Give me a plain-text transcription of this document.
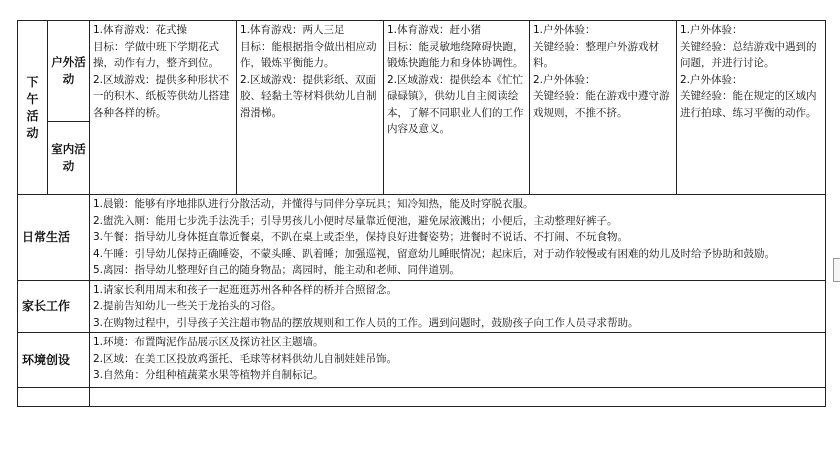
下
午
活
动	户外活动	1.体育游戏：花式操
目标：学做中班下学期花式操，动作有力，整齐到位。
2.区域游戏：提供多种形状不一的积木、纸板等供幼儿搭建各种各样的桥。	1.体育游戏：两人三足
目标：能根据指令做出相应动作，锻炼平衡能力。
2.区域游戏：提供彩纸、双面胶、轻黏土等材料供幼儿自制滑滑梯。	1.体育游戏：赶小猪
目标：能灵敏地绕障碍快跑，锻炼快跑能力和身体协调性。
2.区域游戏：提供绘本《忙忙碌碌镇》，供幼儿自主阅读绘本，了解不同职业人们的工作内容及意义。	1.户外体验：
关键经验：整理户外游戏材料。
2.户外体验：
关键经验：能在游戏中遵守游戏规则，不推不挤。	1.户外体验：
关键经验：总结游戏中遇到的问题，并进行讨论。
2.户外体验：
关键经验：能在规定的区域内进行拍球、练习平衡的动作。

	室内活动					
日常生活		1.晨锻：能够有序地排队进行分散活动，并懂得与同伴分享玩具；知冷知热，能及时穿脱衣服。
2.盥洗入厕：能用七步洗手法洗手；引导男孩儿小便时尽量靠近便池，避免尿液溅出；小便后，主动整理好裤子。
3.午餐：指导幼儿身体挺直靠近餐桌，不趴在桌上或歪坐，保持良好进餐姿势；进餐时不说话、不打闹、不玩食物。
4.午睡：引导幼儿保持正确睡姿，不蒙头睡、趴着睡；加强巡视，留意幼儿睡眠情况；起床后，对于动作较慢或有困难的幼儿及时给予协助和鼓励。
5.离园：指导幼儿整理好自己的随身物品；离园时，能主动和老师、同伴道别。				

家长工作		1.请家长利用周末和孩子一起逛逛苏州各种各样的桥并合照留念。
2.提前告知幼儿一些关于龙抬头的习俗。
3.在购物过程中，引导孩子关注超市物品的摆放规则和工作人员的工作。遇到问题时，鼓励孩子向工作人员寻求帮助。				

环境创设		1.环境：布置陶泥作品展示区及探访社区主题墙。
2.区域：在美工区投放鸡蛋托、毛球等材料供幼儿自制娃娃吊饰。
3.自然角：分组种植蔬菜水果等植物并自制标记。				
